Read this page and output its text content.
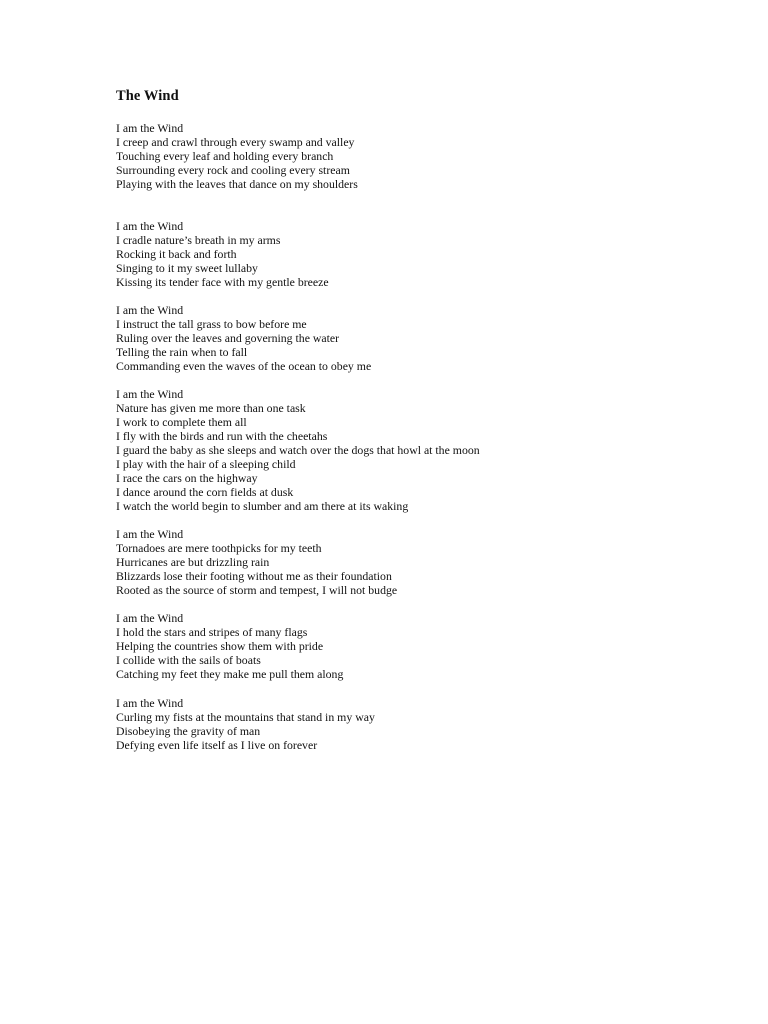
The Wind
I am the Wind
I creep and crawl through every swamp and valley
Touching every leaf and holding every branch
Surrounding every rock and cooling every stream
Playing with the leaves that dance on my shoulders
I am the Wind
I cradle nature’s breath in my arms
Rocking it back and forth
Singing to it my sweet lullaby
Kissing its tender face with my gentle breeze
I am the Wind
I instruct the tall grass to bow before me
Ruling over the leaves and governing the water
Telling the rain when to fall
Commanding even the waves of the ocean to obey me
I am the Wind
Nature has given me more than one task
I work to complete them all
I fly with the birds and run with the cheetahs
I guard the baby as she sleeps and watch over the dogs that howl at the moon
I play with the hair of a sleeping child
I race the cars on the highway
I dance around the corn fields at dusk
I watch the world begin to slumber and am there at its waking
I am the Wind
Tornadoes are mere toothpicks for my teeth
Hurricanes are but drizzling rain
Blizzards lose their footing without me as their foundation
Rooted as the source of storm and tempest, I will not budge
I am the Wind
I hold the stars and stripes of many flags
Helping the countries show them with pride
I collide with the sails of boats
Catching my feet they make me pull them along
I am the Wind
Curling my fists at the mountains that stand in my way
Disobeying the gravity of man
Defying even life itself as I live on forever
